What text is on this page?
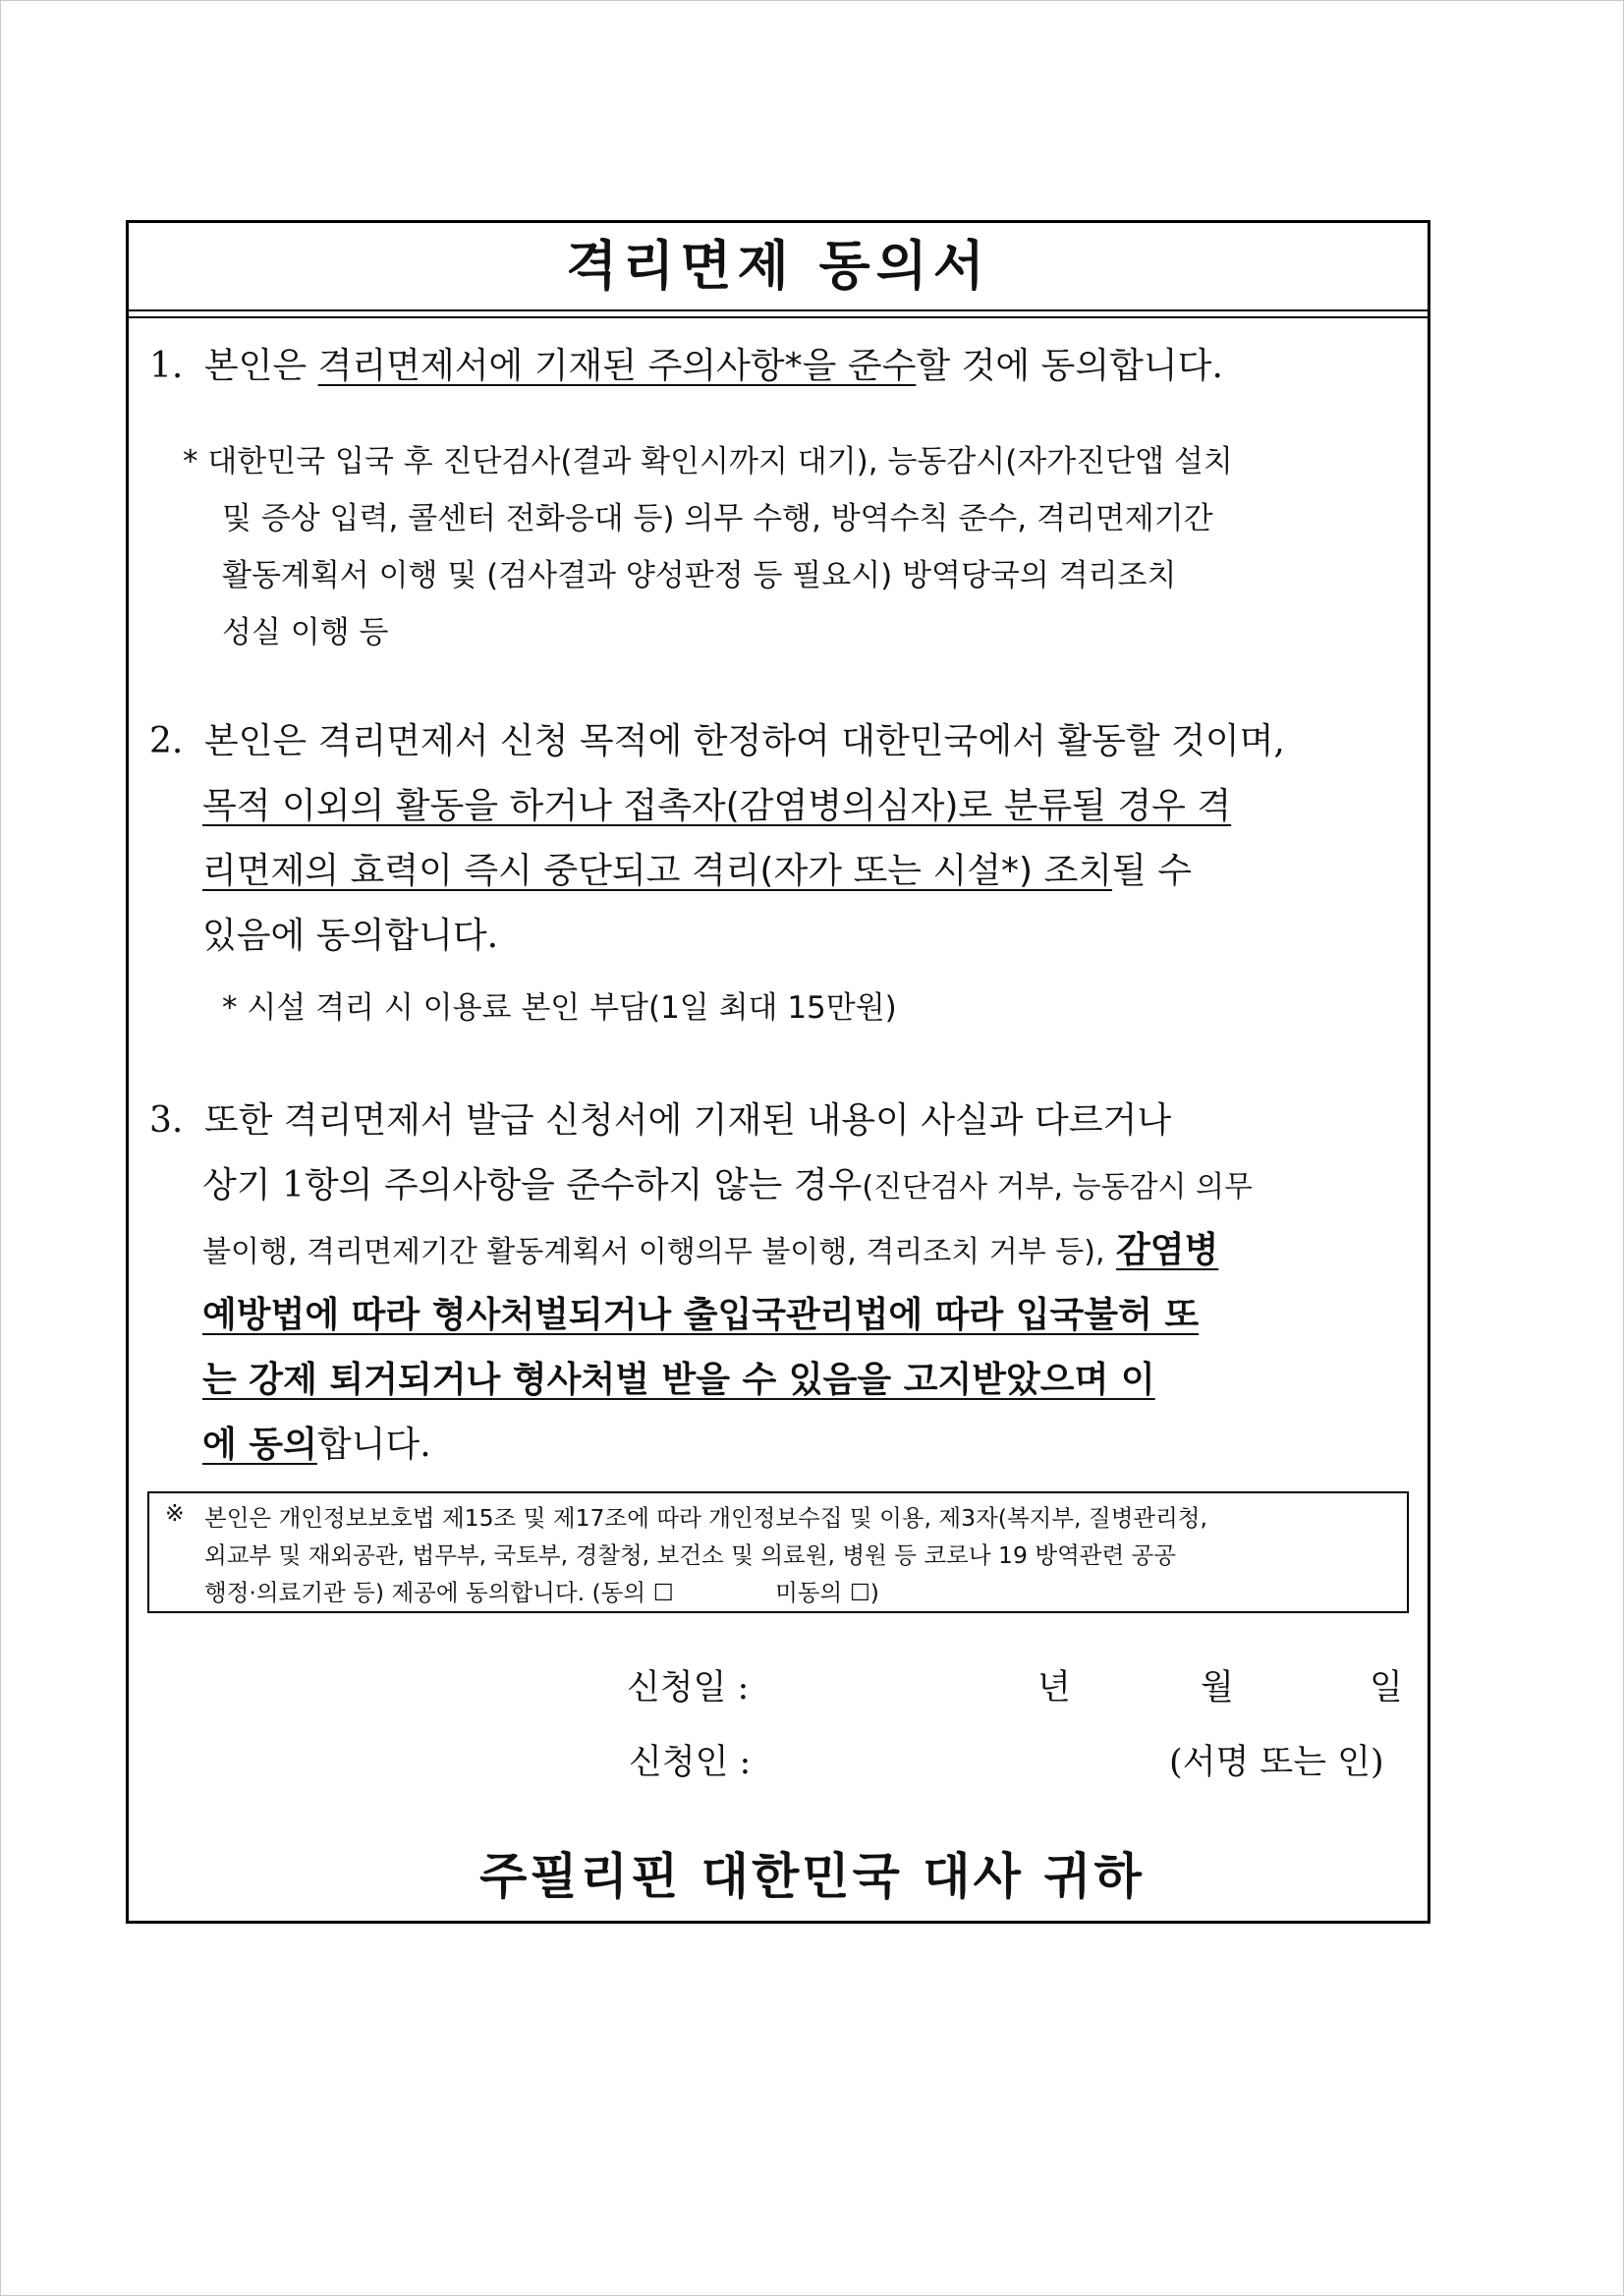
격리면제 동의서
1. 본인은 격리면제서에 기재된 주의사항*을 준수할 것에 동의합니다.
* 대한민국 입국 후 진단검사(결과 확인시까지 대기), 능동감시(자가진단앱 설치
및 증상 입력, 콜센터 전화응대 등) 의무 수행, 방역수칙 준수, 격리면제기간
활동계획서 이행 및 (검사결과 양성판정 등 필요시) 방역당국의 격리조치
성실 이행 등
2. 본인은 격리면제서 신청 목적에 한정하여 대한민국에서 활동할 것이며,
목적 이외의 활동을 하거나 접촉자(감염병의심자)로 분류될 경우 격
리면제의 효력이 즉시 중단되고 격리(자가 또는 시설*) 조치될 수
있음에 동의합니다.
* 시설 격리 시 이용료 본인 부담(1일 최대 15만원)
3. 또한 격리면제서 발급 신청서에 기재된 내용이 사실과 다르거나
상기 1항의 주의사항을 준수하지 않는 경우(진단검사 거부, 능동감시 의무
불이행, 격리면제기간 활동계획서 이행의무 불이행, 격리조치 거부 등), 감염병
예방법에 따라 형사처벌되거나 출입국관리법에 따라 입국불허 또
는 강제 퇴거되거나 형사처벌 받을 수 있음을 고지받았으며 이
에 동의합니다.
※ 본인은 개인정보보호법 제15조 및 제17조에 따라 개인정보수집 및 이용, 제3자(복지부, 질병관리청,
외교부 및 재외공관, 법무부, 국토부, 경찰청, 보건소 및 의료원, 병원 등 코로나 19 방역관련 공공
행정·의료기관 등) 제공에 동의합니다. (동의 ☐	미동의 ☐)
신청일 :	년	월	일
신청인 :	(서명 또는 인)
주필리핀 대한민국 대사 귀하
